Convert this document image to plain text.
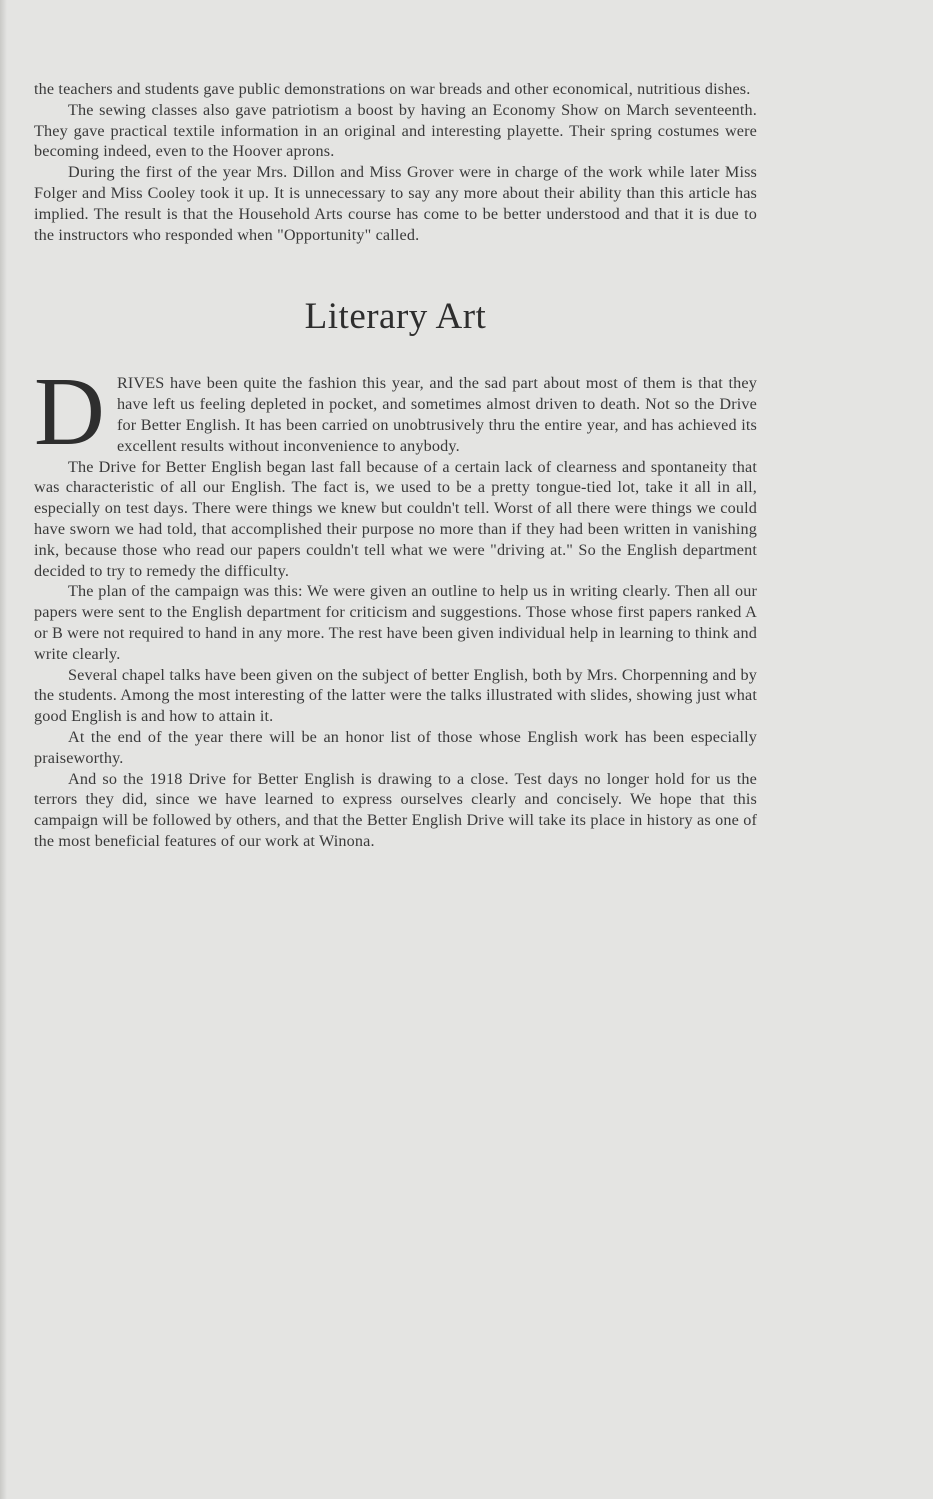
the teachers and students gave public demonstrations on war breads and other economical, nutritious dishes.

The sewing classes also gave patriotism a boost by having an Economy Show on March seventeenth. They gave practical textile information in an original and interesting playette. Their spring costumes were becoming indeed, even to the Hoover aprons.

During the first of the year Mrs. Dillon and Miss Grover were in charge of the work while later Miss Folger and Miss Cooley took it up. It is unnecessary to say any more about their ability than this article has implied. The result is that the Household Arts course has come to be better understood and that it is due to the instructors who responded when "Opportunity" called.

Literary Art

DRIVES have been quite the fashion this year, and the sad part about most of them is that they have left us feeling depleted in pocket, and sometimes almost driven to death. Not so the Drive for Better English. It has been carried on unobtrusively thru the entire year, and has achieved its excellent results without inconvenience to anybody.

The Drive for Better English began last fall because of a certain lack of clearness and spontaneity that was characteristic of all our English. The fact is, we used to be a pretty tongue-tied lot, take it all in all, especially on test days. There were things we knew but couldn't tell. Worst of all there were things we could have sworn we had told, that accomplished their purpose no more than if they had been written in vanishing ink, because those who read our papers couldn't tell what we were "driving at." So the English department decided to try to remedy the difficulty.

The plan of the campaign was this: We were given an outline to help us in writing clearly. Then all our papers were sent to the English department for criticism and suggestions. Those whose first papers ranked A or B were not required to hand in any more. The rest have been given individual help in learning to think and write clearly.

Several chapel talks have been given on the subject of better English, both by Mrs. Chorpenning and by the students. Among the most interesting of the latter were the talks illustrated with slides, showing just what good English is and how to attain it.

At the end of the year there will be an honor list of those whose English work has been especially praiseworthy.

And so the 1918 Drive for Better English is drawing to a close. Test days no longer hold for us the terrors they did, since we have learned to express ourselves clearly and concisely. We hope that this campaign will be followed by others, and that the Better English Drive will take its place in history as one of the most beneficial features of our work at Winona.
